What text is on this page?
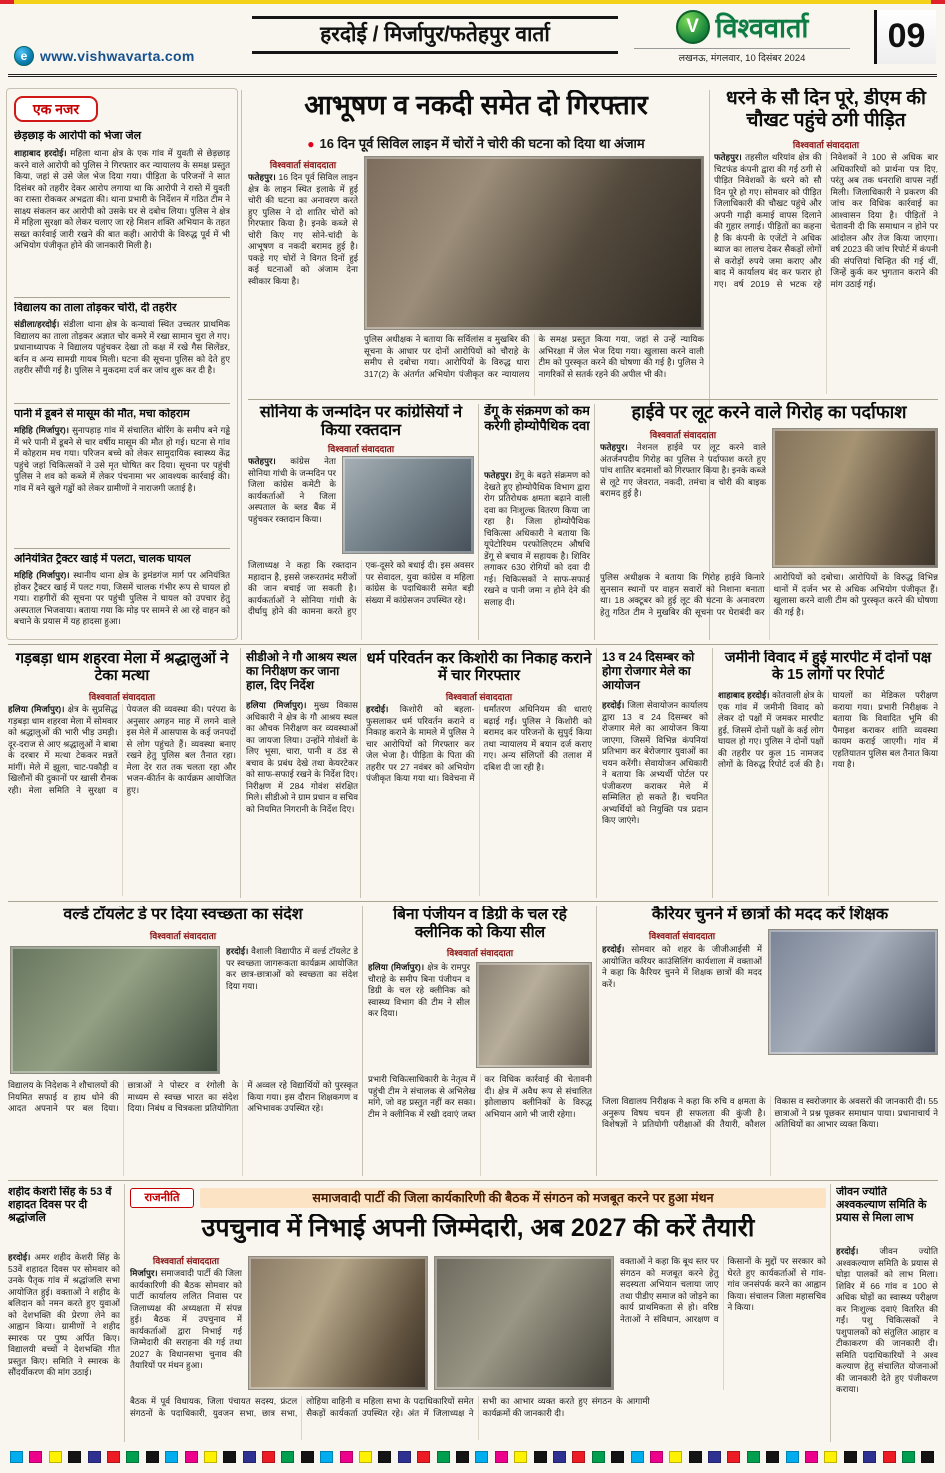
e www.vishwavarta.com
हरदोई / मिर्जापुर/फतेहपुर वार्ता	V विश्ववार्ता
लखनऊ, मंगलवार, 10 दिसंबर 2024
09
एक नजर
छेड़छाड़ के आरोपी को भेजा जेल
शाहाबाद हरदोई। महिला थाना क्षेत्र के एक गांव में युवती से छेड़छाड़ करने वाले आरोपी को पुलिस ने गिरफ्तार कर न्यायालय के समक्ष प्रस्तुत किया, जहां से उसे जेल भेज दिया गया। पीड़िता के परिजनों ने सात दिसंबर को तहरीर देकर आरोप लगाया था कि आरोपी ने रास्ते में युवती का रास्ता रोककर अभद्रता की। थाना प्रभारी के निर्देशन में गठित टीम ने साक्ष्य संकलन कर आरोपी को उसके घर से दबोच लिया। पुलिस ने क्षेत्र में महिला सुरक्षा को लेकर चलाए जा रहे मिशन शक्ति अभियान के तहत सख्त कार्रवाई जारी रखने की बात कही। आरोपी के विरुद्ध पूर्व में भी अभियोग पंजीकृत होने की जानकारी मिली है।
विद्यालय का ताला तोड़कर चोरी, दी तहरीर
संडीला/हरदोई। संडीला थाना क्षेत्र के कन्यावां स्थित उच्चतर प्राथमिक विद्यालय का ताला तोड़कर अज्ञात चोर कमरे में रखा सामान चुरा ले गए। प्रधानाध्यापक ने विद्यालय पहुंचकर देखा तो कक्ष में रखे गैस सिलेंडर, बर्तन व अन्य सामग्री गायब मिली। घटना की सूचना पुलिस को देते हुए तहरीर सौंपी गई है। पुलिस ने मुकदमा दर्ज कर जांच शुरू कर दी है।
पानी में डूबने से मासूम की मौत, मचा कोहराम
महिहि (मिर्जापुर)। सुनापहाड़ गांव में संचालित बोरिंग के समीप बने गड्ढे में भरे पानी में डूबने से चार वर्षीय मासूम की मौत हो गई। घटना से गांव में कोहराम मच गया। परिजन बच्चे को लेकर सामुदायिक स्वास्थ्य केंद्र पहुंचे जहां चिकित्सकों ने उसे मृत घोषित कर दिया। सूचना पर पहुंची पुलिस ने शव को कब्जे में लेकर पंचनामा भर आवश्यक कार्रवाई की। गांव में बने खुले गड्ढों को लेकर ग्रामीणों ने नाराजगी जताई है।
अनियंत्रित ट्रैक्टर खाई में पलटा, चालक घायल
महिहि (मिर्जापुर)। स्थानीय थाना क्षेत्र के ड्रमंडगंज मार्ग पर अनियंत्रित होकर ट्रैक्टर खाई में पलट गया, जिसमें चालक गंभीर रूप से घायल हो गया। राहगीरों की सूचना पर पहुंची पुलिस ने घायल को उपचार हेतु अस्पताल भिजवाया। बताया गया कि मोड़ पर सामने से आ रहे वाहन को बचाने के प्रयास में यह हादसा हुआ।
आभूषण व नकदी समेत दो गिरफ्तार
● 16 दिन पूर्व सिविल लाइन में चोरों ने चोरी की घटना को दिया था अंजाम
विश्ववार्ता संवाददाता
फतेहपुर। 16 दिन पूर्व सिविल लाइन क्षेत्र के लाइन स्थित इलाके में हुई चोरी की घटना का अनावरण करते हुए पुलिस ने दो शातिर चोरों को गिरफ्तार किया है। इनके कब्जे से चोरी किए गए सोने-चांदी के आभूषण व नकदी बरामद हुई है। पकड़े गए चोरों ने विगत दिनों हुई कई घटनाओं को अंजाम देना स्वीकार किया है।
पुलिस अधीक्षक ने बताया कि सर्विलांस व मुखबिर की सूचना के आधार पर दोनों आरोपियों को चौराहे के समीप से दबोचा गया। आरोपियों के विरुद्ध धारा 317(2) के अंतर्गत अभियोग पंजीकृत कर न्यायालय के समक्ष प्रस्तुत किया गया, जहां से उन्हें न्यायिक अभिरक्षा में जेल भेज दिया गया। खुलासा करने वाली टीम को पुरस्कृत करने की घोषणा की गई है। पुलिस ने नागरिकों से सतर्क रहने की अपील भी की।
धरने के सौ दिन पूरे, डीएम की चौखट पहुंचे ठगी पीड़ित
विश्ववार्ता संवाददाता
फतेहपुर। तहसील थरियांव क्षेत्र की चिटफंड कंपनी द्वारा की गई ठगी से पीड़ित निवेशकों के धरने को सौ दिन पूरे हो गए। सोमवार को पीड़ित जिलाधिकारी की चौखट पहुंचे और अपनी गाढ़ी कमाई वापस दिलाने की गुहार लगाई। पीड़ितों का कहना है कि कंपनी के एजेंटों ने अधिक ब्याज का लालच देकर सैकड़ों लोगों से करोड़ों रुपये जमा कराए और बाद में कार्यालय बंद कर फरार हो गए। वर्ष 2019 से भटक रहे निवेशकों ने 100 से अधिक बार अधिकारियों को प्रार्थना पत्र दिए, परंतु अब तक धनराशि वापस नहीं मिली। जिलाधिकारी ने प्रकरण की जांच कर विधिक कार्रवाई का आश्वासन दिया है। पीड़ितों ने चेतावनी दी कि समाधान न होने पर आंदोलन और तेज किया जाएगा। वर्ष 2023 की जांच रिपोर्ट में कंपनी की संपत्तियां चिन्हित की गई थीं, जिन्हें कुर्क कर भुगतान कराने की मांग उठाई गई।
सोनिया के जन्मदिन पर कांग्रेसियों ने किया रक्तदान
विश्ववार्ता संवाददाता
फतेहपुर। कांग्रेस नेता सोनिया गांधी के जन्मदिन पर जिला कांग्रेस कमेटी के कार्यकर्ताओं ने जिला अस्पताल के ब्लड बैंक में पहुंचकर रक्तदान किया।
जिलाध्यक्ष ने कहा कि रक्तदान महादान है, इससे जरूरतमंद मरीजों की जान बचाई जा सकती है। कार्यकर्ताओं ने सोनिया गांधी के दीर्घायु होने की कामना करते हुए एक-दूसरे को बधाई दी। इस अवसर पर सेवादल, युवा कांग्रेस व महिला कांग्रेस के पदाधिकारी समेत बड़ी संख्या में कांग्रेसजन उपस्थित रहे।
डेंगू के संक्रमण को कम करेगी होम्योपैथिक दवा
फतेहपुर। डेंगू के बढ़ते संक्रमण को देखते हुए होम्योपैथिक विभाग द्वारा रोग प्रतिरोधक क्षमता बढ़ाने वाली दवा का निःशुल्क वितरण किया जा रहा है। जिला होम्योपैथिक चिकित्सा अधिकारी ने बताया कि यूपेटोरियम परफोलिएटम औषधि डेंगू से बचाव में सहायक है। शिविर लगाकर 630 रोगियों को दवा दी गई। चिकित्सकों ने साफ-सफाई रखने व पानी जमा न होने देने की सलाह दी।
हाईवे पर लूट करने वाले गिरोह का पर्दाफाश
विश्ववार्ता संवाददाता
फतेहपुर। नेशनल हाईवे पर लूट करने वाले अंतर्जनपदीय गिरोह का पुलिस ने पर्दाफाश करते हुए पांच शातिर बदमाशों को गिरफ्तार किया है। इनके कब्जे से लूटे गए जेवरात, नकदी, तमंचा व चोरी की बाइक बरामद हुई है।
पुलिस अधीक्षक ने बताया कि गिरोह हाईवे किनारे सुनसान स्थानों पर वाहन सवारों को निशाना बनाता था। 18 अक्टूबर को हुई लूट की घटना के अनावरण हेतु गठित टीम ने मुखबिर की सूचना पर घेराबंदी कर आरोपियों को दबोचा। आरोपियों के विरुद्ध विभिन्न थानों में दर्जन भर से अधिक अभियोग पंजीकृत हैं। खुलासा करने वाली टीम को पुरस्कृत करने की घोषणा की गई है।
गड़बड़ा धाम शहरवा मेला में श्रद्धालुओं ने टेका मत्था
विश्ववार्ता संवाददाता
हलिया (मिर्जापुर)। क्षेत्र के सुप्रसिद्ध गड़बड़ा धाम शहरवा मेला में सोमवार को श्रद्धालुओं की भारी भीड़ उमड़ी। दूर-दराज से आए श्रद्धालुओं ने बाबा के दरबार में मत्था टेककर मन्नतें मांगीं। मेले में झूला, चाट-पकौड़ी व खिलौनों की दुकानों पर खासी रौनक रही। मेला समिति ने सुरक्षा व पेयजल की व्यवस्था की। परंपरा के अनुसार अगहन माह में लगने वाले इस मेले में आसपास के कई जनपदों से लोग पहुंचते हैं। व्यवस्था बनाए रखने हेतु पुलिस बल तैनात रहा। मेला देर रात तक चलता रहा और भजन-कीर्तन के कार्यक्रम आयोजित हुए।
सीडीओ ने गौ आश्रय स्थल का निरीक्षण कर जाना हाल, दिए निर्देश
हलिया (मिर्जापुर)। मुख्य विकास अधिकारी ने क्षेत्र के गौ आश्रय स्थल का औचक निरीक्षण कर व्यवस्थाओं का जायजा लिया। उन्होंने गोवंशों के लिए भूसा, चारा, पानी व ठंड से बचाव के प्रबंध देखे तथा केयरटेकर को साफ-सफाई रखने के निर्देश दिए। निरीक्षण में 284 गोवंश संरक्षित मिले। सीडीओ ने ग्राम प्रधान व सचिव को नियमित निगरानी के निर्देश दिए।
धर्म परिवर्तन कर किशोरी का निकाह कराने में चार गिरफ्तार
विश्ववार्ता संवाददाता
हरदोई। किशोरी को बहला-फुसलाकर धर्म परिवर्तन कराने व निकाह कराने के मामले में पुलिस ने चार आरोपियों को गिरफ्तार कर जेल भेजा है। पीड़िता के पिता की तहरीर पर 27 नवंबर को अभियोग पंजीकृत किया गया था। विवेचना में धर्मांतरण अधिनियम की धाराएं बढ़ाई गईं। पुलिस ने किशोरी को बरामद कर परिजनों के सुपुर्द किया तथा न्यायालय में बयान दर्ज कराए गए। अन्य संलिप्तों की तलाश में दबिश दी जा रही है।
13 व 24 दिसम्बर को होगा रोजगार मेले का आयोजन
हरदोई। जिला सेवायोजन कार्यालय द्वारा 13 व 24 दिसम्बर को रोजगार मेले का आयोजन किया जाएगा, जिसमें विभिन्न कंपनियां प्रतिभाग कर बेरोजगार युवाओं का चयन करेंगी। सेवायोजन अधिकारी ने बताया कि अभ्यर्थी पोर्टल पर पंजीकरण कराकर मेले में सम्मिलित हो सकते हैं। चयनित अभ्यर्थियों को नियुक्ति पत्र प्रदान किए जाएंगे।
जमीनी विवाद में हुई मारपीट में दोनों पक्ष के 15 लोगों पर रिपोर्ट
शाहाबाद हरदोई। कोतवाली क्षेत्र के एक गांव में जमीनी विवाद को लेकर दो पक्षों में जमकर मारपीट हुई, जिसमें दोनों पक्षों के कई लोग घायल हो गए। पुलिस ने दोनों पक्षों की तहरीर पर कुल 15 नामजद लोगों के विरुद्ध रिपोर्ट दर्ज की है। घायलों का मेडिकल परीक्षण कराया गया। प्रभारी निरीक्षक ने बताया कि विवादित भूमि की पैमाइश कराकर शांति व्यवस्था कायम कराई जाएगी। गांव में एहतियातन पुलिस बल तैनात किया गया है।
वर्ल्ड टॉयलेट डे पर दिया स्वच्छता का संदेश
विश्ववार्ता संवाददाता
हरदोई। वैशाली विद्यापीठ में वर्ल्ड टॉयलेट डे पर स्वच्छता जागरूकता कार्यक्रम आयोजित कर छात्र-छात्राओं को स्वच्छता का संदेश दिया गया।
विद्यालय के निदेशक ने शौचालयों की नियमित सफाई व हाथ धोने की आदत अपनाने पर बल दिया। छात्राओं ने पोस्टर व रंगोली के माध्यम से स्वच्छ भारत का संदेश दिया। निबंध व चित्रकला प्रतियोगिता में अव्वल रहे विद्यार्थियों को पुरस्कृत किया गया। इस दौरान शिक्षकगण व अभिभावक उपस्थित रहे।
बिना पंजीयन व डिग्री के चल रहे क्लीनिक को किया सील
विश्ववार्ता संवाददाता
हलिया (मिर्जापुर)। क्षेत्र के रामपुर चौराहे के समीप बिना पंजीयन व डिग्री के चल रहे क्लीनिक को स्वास्थ्य विभाग की टीम ने सील कर दिया।
प्रभारी चिकित्साधिकारी के नेतृत्व में पहुंची टीम ने संचालक से अभिलेख मांगे, जो वह प्रस्तुत नहीं कर सका। टीम ने क्लीनिक में रखी दवाएं जब्त कर विधिक कार्रवाई की चेतावनी दी। क्षेत्र में अवैध रूप से संचालित झोलाछाप क्लीनिकों के विरुद्ध अभियान आगे भी जारी रहेगा।
कैरियर चुनने में छात्रों की मदद करें शिक्षक
विश्ववार्ता संवाददाता
हरदोई। सोमवार को शहर के जीजीआईसी में आयोजित करियर काउंसिलिंग कार्यशाला में वक्ताओं ने कहा कि कैरियर चुनने में शिक्षक छात्रों की मदद करें।
जिला विद्यालय निरीक्षक ने कहा कि रुचि व क्षमता के अनुरूप विषय चयन ही सफलता की कुंजी है। विशेषज्ञों ने प्रतियोगी परीक्षाओं की तैयारी, कौशल विकास व स्वरोजगार के अवसरों की जानकारी दी। 55 छात्राओं ने प्रश्न पूछकर समाधान पाया। प्रधानाचार्य ने अतिथियों का आभार व्यक्त किया।
शहीद केशरी सिंह के 53 वें शहादत दिवस पर दी श्रद्धांजलि
हरदोई। अमर शहीद केशरी सिंह के 53वें शहादत दिवस पर सोमवार को उनके पैतृक गांव में श्रद्धांजलि सभा आयोजित हुई। वक्ताओं ने शहीद के बलिदान को नमन करते हुए युवाओं को देशभक्ति की प्रेरणा लेने का आह्वान किया। ग्रामीणों ने शहीद स्मारक पर पुष्प अर्पित किए। विद्यालयी बच्चों ने देशभक्ति गीत प्रस्तुत किए। समिति ने स्मारक के सौंदर्यीकरण की मांग उठाई।
राजनीति	समाजवादी पार्टी की जिला कार्यकारिणी की बैठक में संगठन को मजबूत करने पर हुआ मंथन
उपचुनाव में निभाई अपनी जिम्मेदारी, अब 2027 की करें तैयारी
विश्ववार्ता संवाददाता
मिर्जापुर। समाजवादी पार्टी की जिला कार्यकारिणी की बैठक सोमवार को पार्टी कार्यालय ललित निवास पर जिलाध्यक्ष की अध्यक्षता में संपन्न हुई। बैठक में उपचुनाव में कार्यकर्ताओं द्वारा निभाई गई जिम्मेदारी की सराहना की गई तथा 2027 के विधानसभा चुनाव की तैयारियों पर मंथन हुआ।
वक्ताओं ने कहा कि बूथ स्तर पर संगठन को मजबूत करने हेतु सदस्यता अभियान चलाया जाए तथा पीडीए समाज को जोड़ने का कार्य प्राथमिकता से हो। वरिष्ठ नेताओं ने संविधान, आरक्षण व किसानों के मुद्दों पर सरकार को घेरते हुए कार्यकर्ताओं से गांव-गांव जनसंपर्क करने का आह्वान किया। संचालन जिला महासचिव ने किया।
बैठक में पूर्व विधायक, जिला पंचायत सदस्य, फ्रंटल संगठनों के पदाधिकारी, युवजन सभा, छात्र सभा, लोहिया वाहिनी व महिला सभा के पदाधिकारियों समेत सैकड़ों कार्यकर्ता उपस्थित रहे। अंत में जिलाध्यक्ष ने सभी का आभार व्यक्त करते हुए संगठन के आगामी कार्यक्रमों की जानकारी दी।
जीवन ज्योति अश्वकल्याण समिति के प्रयास से मिला लाभ
हरदोई। जीवन ज्योति अश्वकल्याण समिति के प्रयास से घोड़ा पालकों को लाभ मिला। शिविर में 66 गांव व 100 से अधिक घोड़ों का स्वास्थ्य परीक्षण कर निःशुल्क दवाएं वितरित की गईं। पशु चिकित्सकों ने पशुपालकों को संतुलित आहार व टीकाकरण की जानकारी दी। समिति पदाधिकारियों ने अश्व कल्याण हेतु संचालित योजनाओं की जानकारी देते हुए पंजीकरण कराया।
